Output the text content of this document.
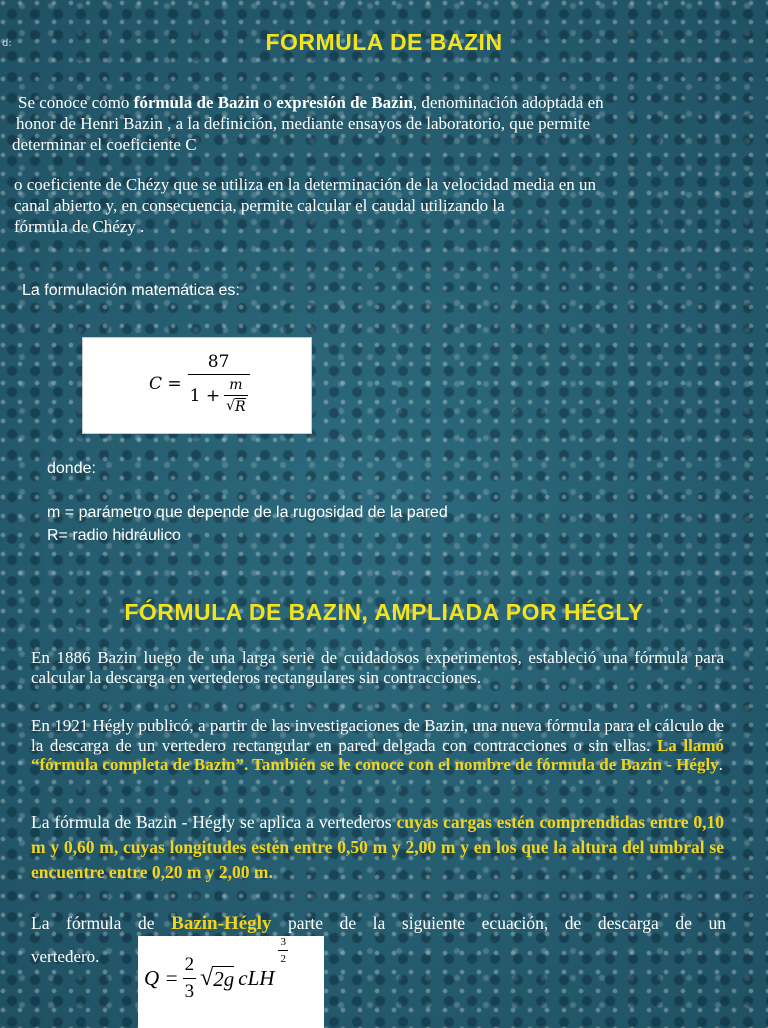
d:	FORMULA DE BAZIN
Se conoce como fórmula de Bazin o expresión de Bazin, denominación adoptada en
honor de Henri Bazin , a la definición, mediante ensayos de laboratorio, que permite
determinar el coeficiente C
o coeficiente de Chézy que se utiliza en la determinación de la velocidad media en un
canal abierto y, en consecuencia, permite calcular el caudal utilizando la
fórmula de Chézy .
La formulación matemática es:
$C = \frac{87}{1 + \frac{m}{√ R}}$
donde:
m = parámetro que depende de la rugosidad de la pared
R= radio hidráulico
FÓRMULA DE BAZIN, AMPLIADA POR HÉGLY
En 1886 Bazin luego de una larga serie de cuidadosos experimentos, estableció una fórmula para calcular la descarga en vertederos rectangulares sin contracciones.
En 1921 Hégly publicó, a partir de las investigaciones de Bazin, una nueva fórmula para el cálculo de la descarga de un vertedero rectangular en pared delgada con contracciones o sin ellas. La llamó “fórmula completa de Bazin”. También se le conoce con el nombre de fórmula de Bazin - Hégly.
La fórmula de Bazin - Hégly se aplica a vertederos cuyas cargas estén comprendidas entre 0,10 m y 0,60 m, cuyas longitudes estén entre 0,50 m y 2,00 m y en los que la altura del umbral se encuentre entre 0,20 m y 2,00 m.
La fórmula de Bazin-Hégly parte de la siguiente ecuación, de descarga de un
vertedero.
$Q = \frac{2}{3}$ √ 2g cLH
$\frac{3}{2}$
